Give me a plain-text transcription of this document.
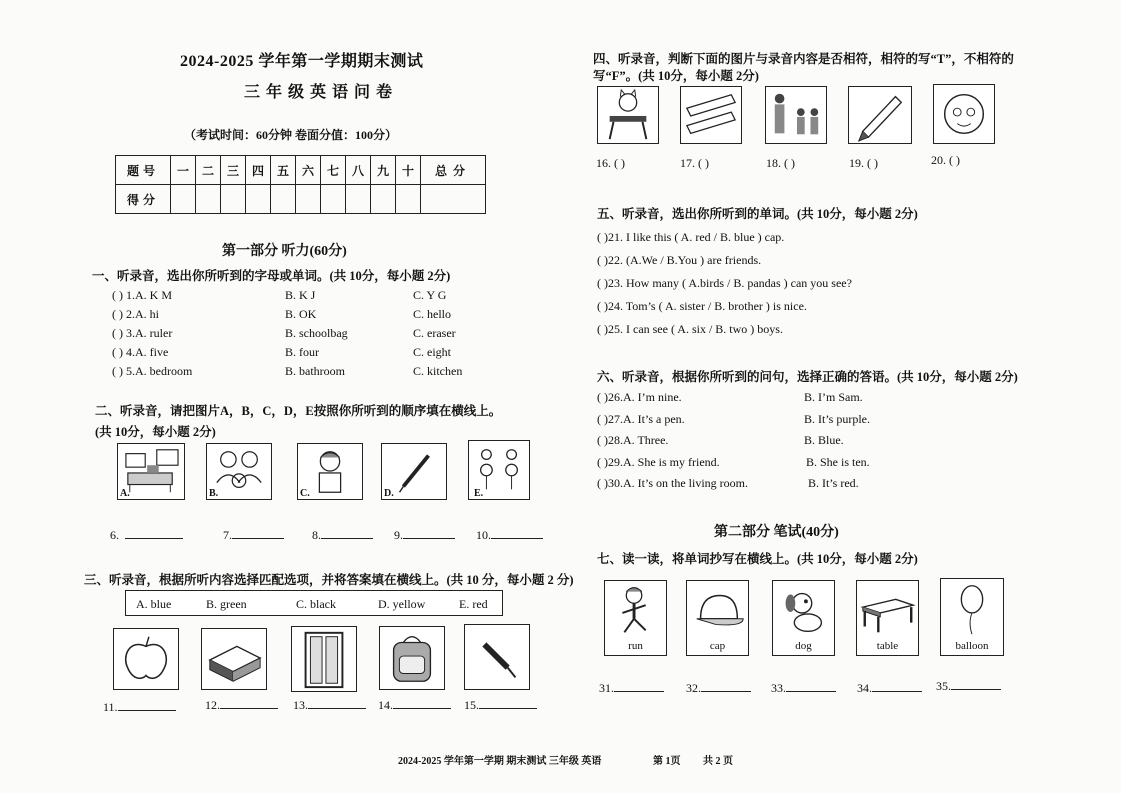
2024-2025 学年第一学期期末测试
三年级英语问卷
（考试时间：60分钟 卷面分值：100分）
题号	一	二	三	四	五	六	七	八	九	十	总分
得分											
第一部分 听力(60分)
一、听录音，选出你所听到的字母或单词。(共 10分，每小题 2分)
( ) 1.A. K M	B. K J	C. Y G
( ) 2.A. hi	B. OK	C. hello
( ) 3.A. ruler	B. schoolbag	C. eraser
( ) 4.A. five	B. four	C. eight
( ) 5.A. bedroom	B. bathroom	C. kitchen
二、听录音，请把图片A，B，C，D，E按照你所听到的顺序填在横线上。
(共 10分，每小题 2分)
A.	B.	C.	D.	E.
6.	7.	8.	9.	10.
三、听录音，根据所听内容选择匹配选项，并将答案填在横线上。(共 10 分，每小题 2 分)
A. blue	B. green	C. black	D. yellow	E. red
11.	12.	13.	14.	15.
四、听录音，判断下面的图片与录音内容是否相符，相符的写“T”，不相符的
写“F”。(共 10分，每小题 2分)
16. ( )	17. ( )	18. ( )	19. ( )	20. ( )
五、听录音，选出你所听到的单词。(共 10分，每小题 2分)
( )21. I like this ( A. red / B. blue ) cap.
( )22. (A.We / B.You ) are friends.
( )23. How many ( A.birds / B. pandas ) can you see?
( )24. Tom’s ( A. sister / B. brother ) is nice.
( )25. I can see ( A. six / B. two ) boys.
六、听录音，根据你所听到的问句，选择正确的答语。(共 10分，每小题 2分)
( )26.A. I’m nine.	B. I’m Sam.
( )27.A. It’s a pen.	B. It’s purple.
( )28.A. Three.	B. Blue.
( )29.A. She is my friend.	B. She is ten.
( )30.A. It’s on the living room.	B. It’s red.
第二部分 笔试(40分)
七、读一读，将单词抄写在横线上。(共 10分，每小题 2分)
run	cap	dog	table	balloon
31.	32.	33.	34.	35.
2024-2025 学年第一学期 期末测试 三年级 英语	第 1页 共 2 页
